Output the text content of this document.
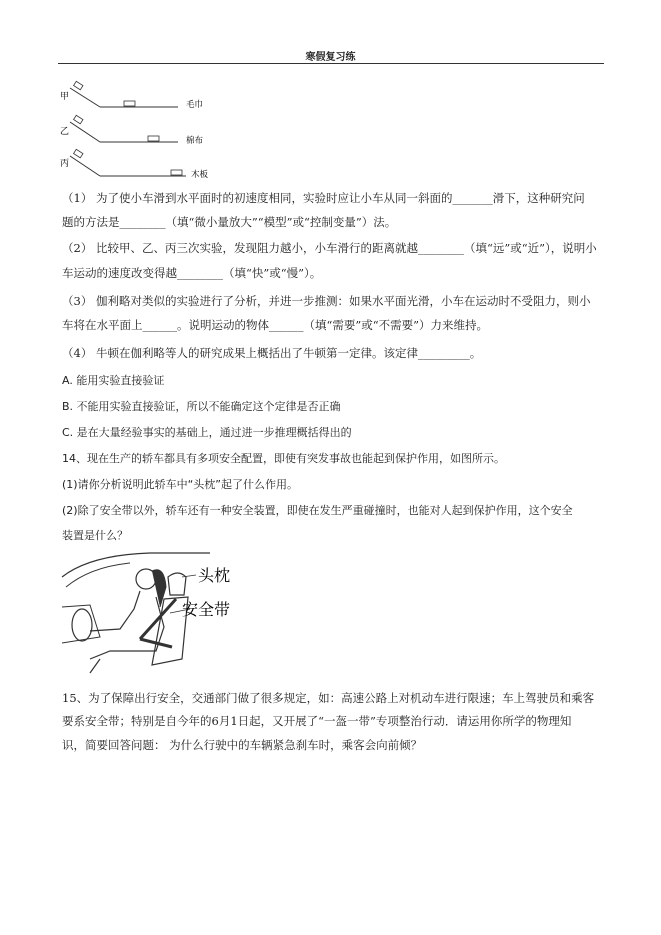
寒假复习练
甲
毛巾
乙
棉布
丙
木板
（1） 为了使小车滑到水平面时的初速度相同，实验时应让小车从同一斜面的_______滑下，这种研究问
题的方法是________（填“微小量放大”“模型”或“控制变量”）法。
（2） 比较甲、乙、丙三次实验，发现阻力越小，小车滑行的距离就越________（填“远”或“近”），说明小
车运动的速度改变得越________（填“快”或“慢”）。
（3） 伽利略对类似的实验进行了分析，并进一步推测：如果水平面光滑，小车在运动时不受阻力，则小
车将在水平面上______。说明运动的物体______（填“需要”或“不需要”）力来维持。
（4） 牛顿在伽利略等人的研究成果上概括出了牛顿第一定律。该定律_________。
A. 能用实验直接验证
B. 不能用实验直接验证，所以不能确定这个定律是否正确
C. 是在大量经验事实的基础上，通过进一步推理概括得出的
14、现在生产的轿车都具有多项安全配置，即使有突发事故也能起到保护作用，如图所示。
(1)请你分析说明此轿车中“头枕”起了什么作用。
(2)除了安全带以外，轿车还有一种安全装置，即使在发生严重碰撞时，也能对人起到保护作用，这个安全
装置是什么？
头枕
安全带
15、为了保障出行安全，交通部门做了很多规定，如：高速公路上对机动车进行限速；车上驾驶员和乘客
要系安全带；特别是自今年的6月1日起，又开展了“一盔一带”专项整治行动．请运用你所学的物理知
识，简要回答问题： 为什么行驶中的车辆紧急刹车时，乘客会向前倾？
